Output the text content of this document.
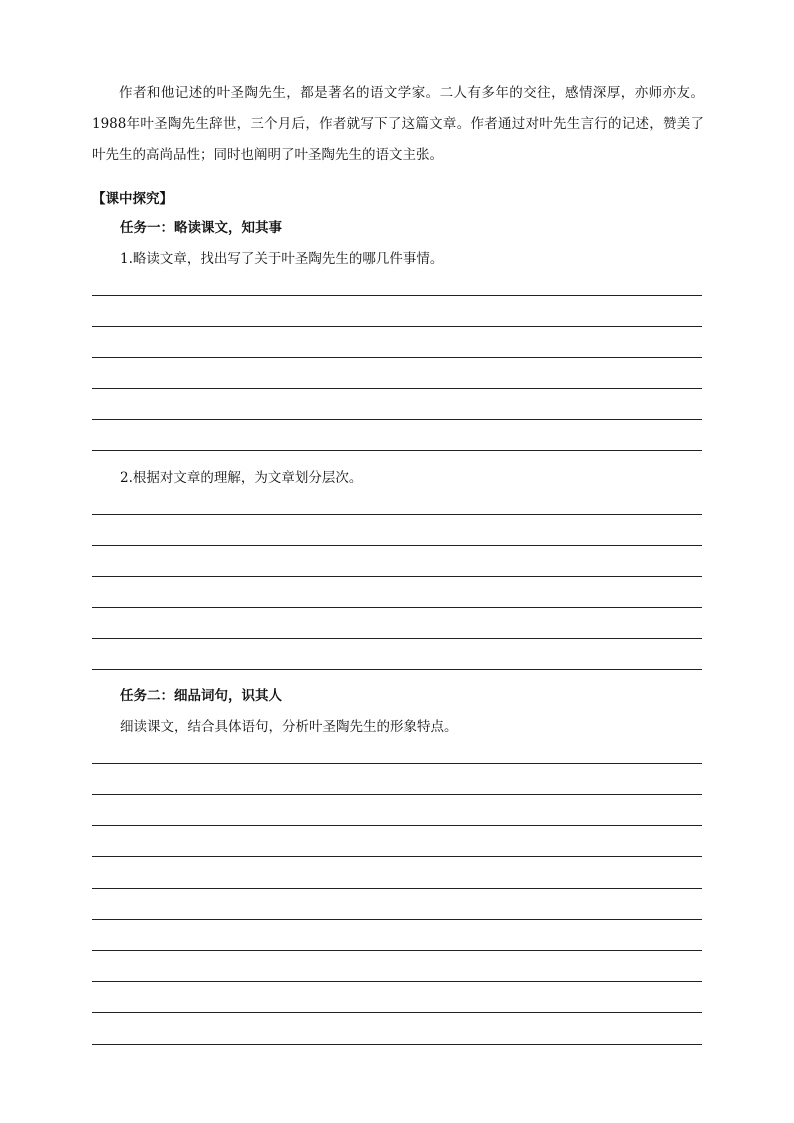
作者和他记述的叶圣陶先生，都是著名的语文学家。二人有多年的交往，感情深厚，亦师亦友。1988年叶圣陶先生辞世，三个月后，作者就写下了这篇文章。作者通过对叶先生言行的记述，赞美了叶先生的高尚品性；同时也阐明了叶圣陶先生的语文主张。

【课中探究】

任务一：略读课文，知其事

1.略读文章，找出写了关于叶圣陶先生的哪几件事情。

2.根据对文章的理解，为文章划分层次。

任务二：细品词句，识其人

细读课文，结合具体语句，分析叶圣陶先生的形象特点。
